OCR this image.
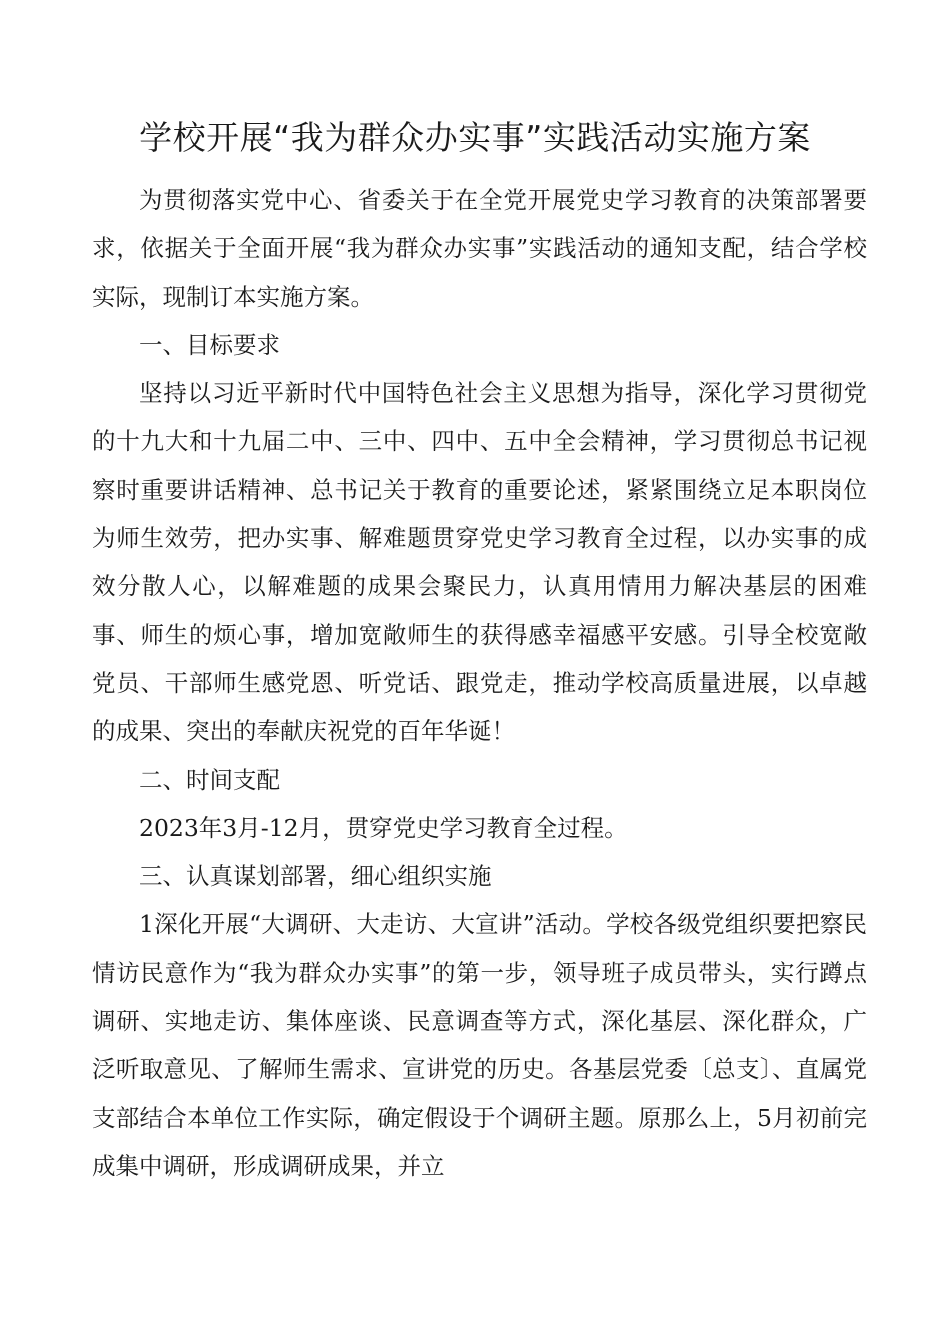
学校开展“我为群众办实事”实践活动实施方案

为贯彻落实党中心、省委关于在全党开展党史学习教育的决策部署要求，依据关于全面开展“我为群众办实事”实践活动的通知支配，结合学校实际，现制订本实施方案。

一、目标要求

坚持以习近平新时代中国特色社会主义思想为指导，深化学习贯彻党的十九大和十九届二中、三中、四中、五中全会精神，学习贯彻总书记视察时重要讲话精神、总书记关于教育的重要论述，紧紧围绕立足本职岗位为师生效劳，把办实事、解难题贯穿党史学习教育全过程，以办实事的成效分散人心，以解难题的成果会聚民力，认真用情用力解决基层的困难事、师生的烦心事，增加宽敞师生的获得感幸福感平安感。引导全校宽敞党员、干部师生感党恩、听党话、跟党走，推动学校高质量进展，以卓越的成果、突出的奉献庆祝党的百年华诞！

二、时间支配

2023年3月-12月，贯穿党史学习教育全过程。

三、认真谋划部署，细心组织实施

1深化开展“大调研、大走访、大宣讲”活动。学校各级党组织要把察民情访民意作为“我为群众办实事”的第一步，领导班子成员带头，实行蹲点调研、实地走访、集体座谈、民意调查等方式，深化基层、深化群众，广泛听取意见、了解师生需求、宣讲党的历史。各基层党委〔总支〕、直属党支部结合本单位工作实际，确定假设于个调研主题。原那么上，5月初前完成集中调研，形成调研成果，并立
